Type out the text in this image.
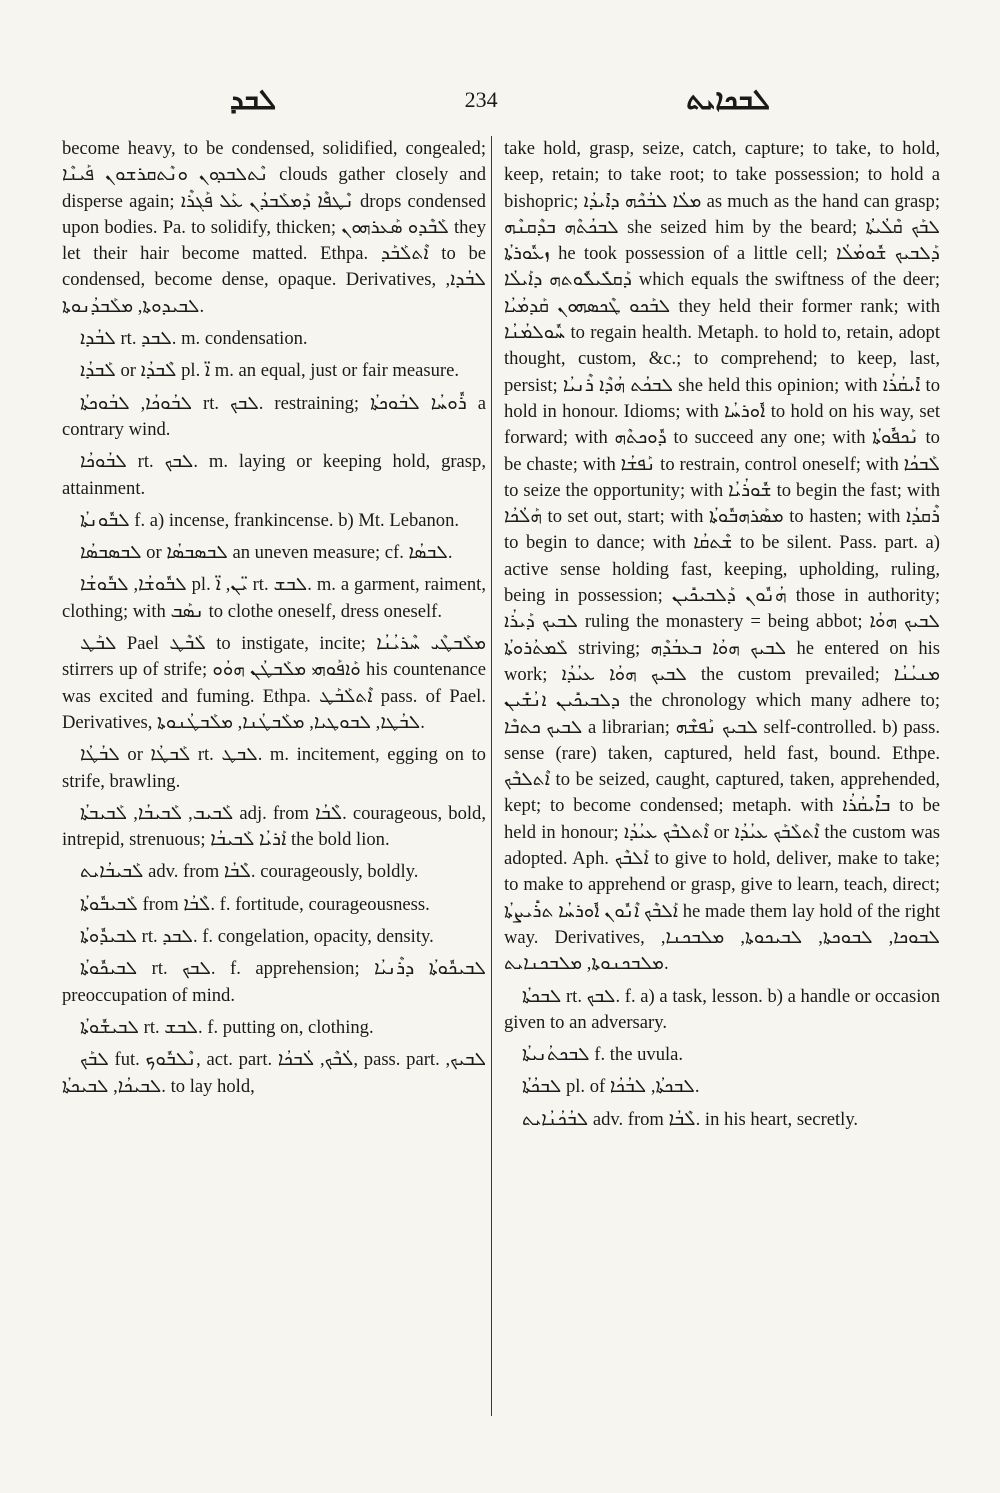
ܠܒܕ	234	ܠܒܟܐܝܬ
become heavy, to be condensed, solidified, congealed; ܢܶܬܠܒܕܘܢ ܘܢܶܬܩܪܫܘܢ ܦܰܝܢܶܐ clouds gather closely and disperse again; ܢܶܛܦܶܐ ܕܰܡܠܰܒܕܳܢ ܥܰܠ ܦܰܓܪܶܐ drops condensed upon bodies. Pa. to solidify, thicken; ܠܰܒܶܕܘ ܣܰܥܪܗܘܢ they let their hair become matted. Ethpa. ܐܶܬܠܰܒܰܕ to be condensed, become dense, opaque. Derivatives, ܠܒܳܕܐ, ܠܒܝܕܘܬܐ, ܡܠܰܒܕܳܢܘܬܐ.
ܠܒܳܕܐ rt. ܠܒܕ. m. condensation.
ܠܰܒܕܳܐ or ܠܶܒܕܳܐ pl. ܐ̈ m. an equal, just or fair measure.
ܠܒܳܘܟܳܐ, ܠܒܳܘܟܬܳܐ rt. ܠܒܟ. restraining; ܪܽܘܚܳܐ ܠܒܳܘܟܬܳܐ a contrary wind.
ܠܒܳܘܟܳܐ rt. ܠܒܟ. m. laying or keeping hold, grasp, attainment.
ܠܒܽܘܢܬܳܐ f. a) incense, frankincense. b) Mt. Lebanon.
ܠܒܣܒܣܳܐ or ܠܒܣܒܣܳܐ an uneven measure; cf. ܠܒܣܳܐ.
ܠܒܽܘܫܳܐ, ܠܒܽܘܫܳܐ pl. ܝ̈ܢ, ܐ̈ rt. ܠܒܫ. m. a garment, raiment, clothing; with ܢܣܰܒ to clothe oneself, dress oneself.
ܠܒܰܛ Pael ܠܰܒܶܛ to instigate, incite; ܡܠܰܒܛܶܝ ܚܶܪܝܳܢܳܐ stirrers up of strife; ܘܰܐܦܰܘܗܝ ܡܠܰܒܛܳܢ ܗܘܳܘ his countenance was excited and fuming. Ethpa. ܐܶܬܠܰܒܰܛ pass. of Pael. Derivatives, ܠܒܳܛܐ, ܠܒܘܛܝܐ, ܡܠܰܒܛܳܢܐ, ܡܠܰܒܛܳܢܘܬܐ.
ܠܒܳܛܳܐ or ܠܰܒܛܳܐ rt. ܠܒܛ. m. incitement, egging on to strife, brawling.
ܠܰܒܝܒ, ܠܰܒܝܒܳܐ, ܠܰܒܝܒܬܳܐ adj. from ܠܶܒܳܐ. courageous, bold, intrepid, strenuous; ܐܰܪܝܳܐ ܠܰܒܝܒܳܐ the bold lion.
ܠܰܒܝܒܳܐܝܬ adv. from ܠܶܒܳܐ. courageously, boldly.
ܠܰܒܝܒܽܘܬܳܐ from ܠܶܒܳܐ. f. fortitude, courageousness.
ܠܒܝܕܽܘܬܳܐ rt. ܠܒܕ. f. congelation, opacity, density.
ܠܒܝܟܽܘܬܳܐ rt. ܠܒܟ. f. apprehension; ܠܒܝܟܽܘܬܳܐ ܕܪܶܢܝܳܐ preoccupation of mind.
ܠܒܝܫܽܘܬܳܐ rt. ܠܒܫ. f. putting on, clothing.
ܠܒܰܟ fut. ܢܶܠܒܽܘܟ, act. part. ܠܳܒܶܟ, ܠܳܒܟܳܐ, pass. part. ܠܒܝܟ, ܠܒܝܟܳܐ, ܠܒܝܟܬܳܐ. to lay hold,
take hold, grasp, seize, catch, capture; to take, to hold, keep, retain; to take root; to take possession; to hold a bishopric; ܡܠܳܐ ܠܒܳܟܶܗ ܕܐܺܝܕܳܐ as much as the hand can grasp; ܠܒܟܳܬܶܗ ܒܕܶܩܢܶܗ she seized him by the beard; ܠܒܰܟ ܩܶܠܳܝܬܳܐ ܙܥܽܘܪܬܳܐ he took possession of a little cell; ܕܰܠܒܝܟ ܫܽܘܡܳܠܳܐ ܕܰܩܠܺܝܠܽܘܬܗ ܕܐܰܝܠܳܐ which equals the swiftness of the deer; ܠܒܰܟܘ ܛܶܟܣܗܘܢ ܩܰܕܡܳܝܳܐ they held their former rank; with ܚܽܘܠܡܳܢܳܐ to regain health. Metaph. to hold to, retain, adopt thought, custom, &c.; to comprehend; to keep, last, persist; ܠܒܟܳܬ ܗܳܕܶܐ ܪܶܢܝܳܐ she held this opinion; with ܐܺܝܩܳܪܳܐ to hold in honour. Idioms; with ܐܽܘܪܚܳܐ to hold on his way, set forward; with ܕܽܘܟܬܶܗ to succeed any one; with ܢܰܟܦܽܘܬܳܐ to be chaste; with ܢܰܦܫܳܐ to restrain, control oneself; with ܠܰܒܟܳܐ to seize the opportunity; with ܫܽܘܪܳܝܳܐ to begin the fast; with ܗܰܠܳܟܳܐ to set out, start; with ܡܣܰܪܗܒܽܘܬܳܐ to hasten; with ܪܶܩܕܳܐ to begin to dance; with ܫܶܬܩܳܐ to be silent. Pass. part. a) active sense holding fast, keeping, upholding, ruling, being in possession; ܗܳܢܽܘܢ ܕܰܠܒܝܟܺܝܢ those in authority; ܠܒܝܟ ܕܰܝܪܳܐ ruling the monastery = being abbot; ܠܒܝܟ ܗܘܳܐ ܠܰܡܬܳܪܘܬܳܐ striving; ܠܒܝܟ ܗܘܳܐ ܒܥܒܳܕܶܗ he entered on his work; ܠܒܝܟ ܗܘܳܐ ܥܝܳܕܳܐ the custom prevailed; ܡܢܝܳܢܳܐ ܕܠܒܝܟܺܝܢ ܐܢܳܫܺܝܢ the chronology which many adhere to; ܠܒܝܟ ܟܬܒܶܐ a librarian; ܠܒܝܟ ܢܰܦܫܶܗ self-controlled. b) pass. sense (rare) taken, captured, held fast, bound. Ethpe. ܐܶܬܠܒܶܟ to be seized, caught, captured, taken, apprehended, kept; to become condensed; metaph. with ܒܐܺܝܩܳܪܳܐ to be held in honour; ܐܶܬܠܒܶܟ ܥܝܳܕܳܐ or ܐܶܬܠܰܒܰܟ ܥܝܳܕܳܐ the custom was adopted. Aph. ܐܰܠܒܶܟ to give to hold, deliver, make to take; to make to apprehend or grasp, give to learn, teach, direct; ܐܰܠܒܶܟ ܐܶܢܽܘܢ ܐܽܘܪܚܳܐ ܬܪܺܝܨܬܳܐ he made them lay hold of the right way. Derivatives, ܠܒܘܟܐ, ܠܒܘܟܬܐ, ܠܒܝܟܘܬܐ, ܡܠܒܟܢܐ, ܡܠܒܟܢܘܬܐ, ܡܠܒܟܢܐܝܬ.
ܠܒܟܬܳܐ rt. ܠܒܟ. f. a) a task, lesson. b) a handle or occasion given to an adversary.
ܠܒܟܬܳܢܝܬܳܐ f. the uvula.
ܠܒܟܳܬܳܐ pl. of ܠܒܟܬܳܐ, ܠܒܳܟܳܐ.
ܠܒܳܟܳܢܳܐܝܬ adv. from ܠܶܒܳܐ. in his heart, secretly.
